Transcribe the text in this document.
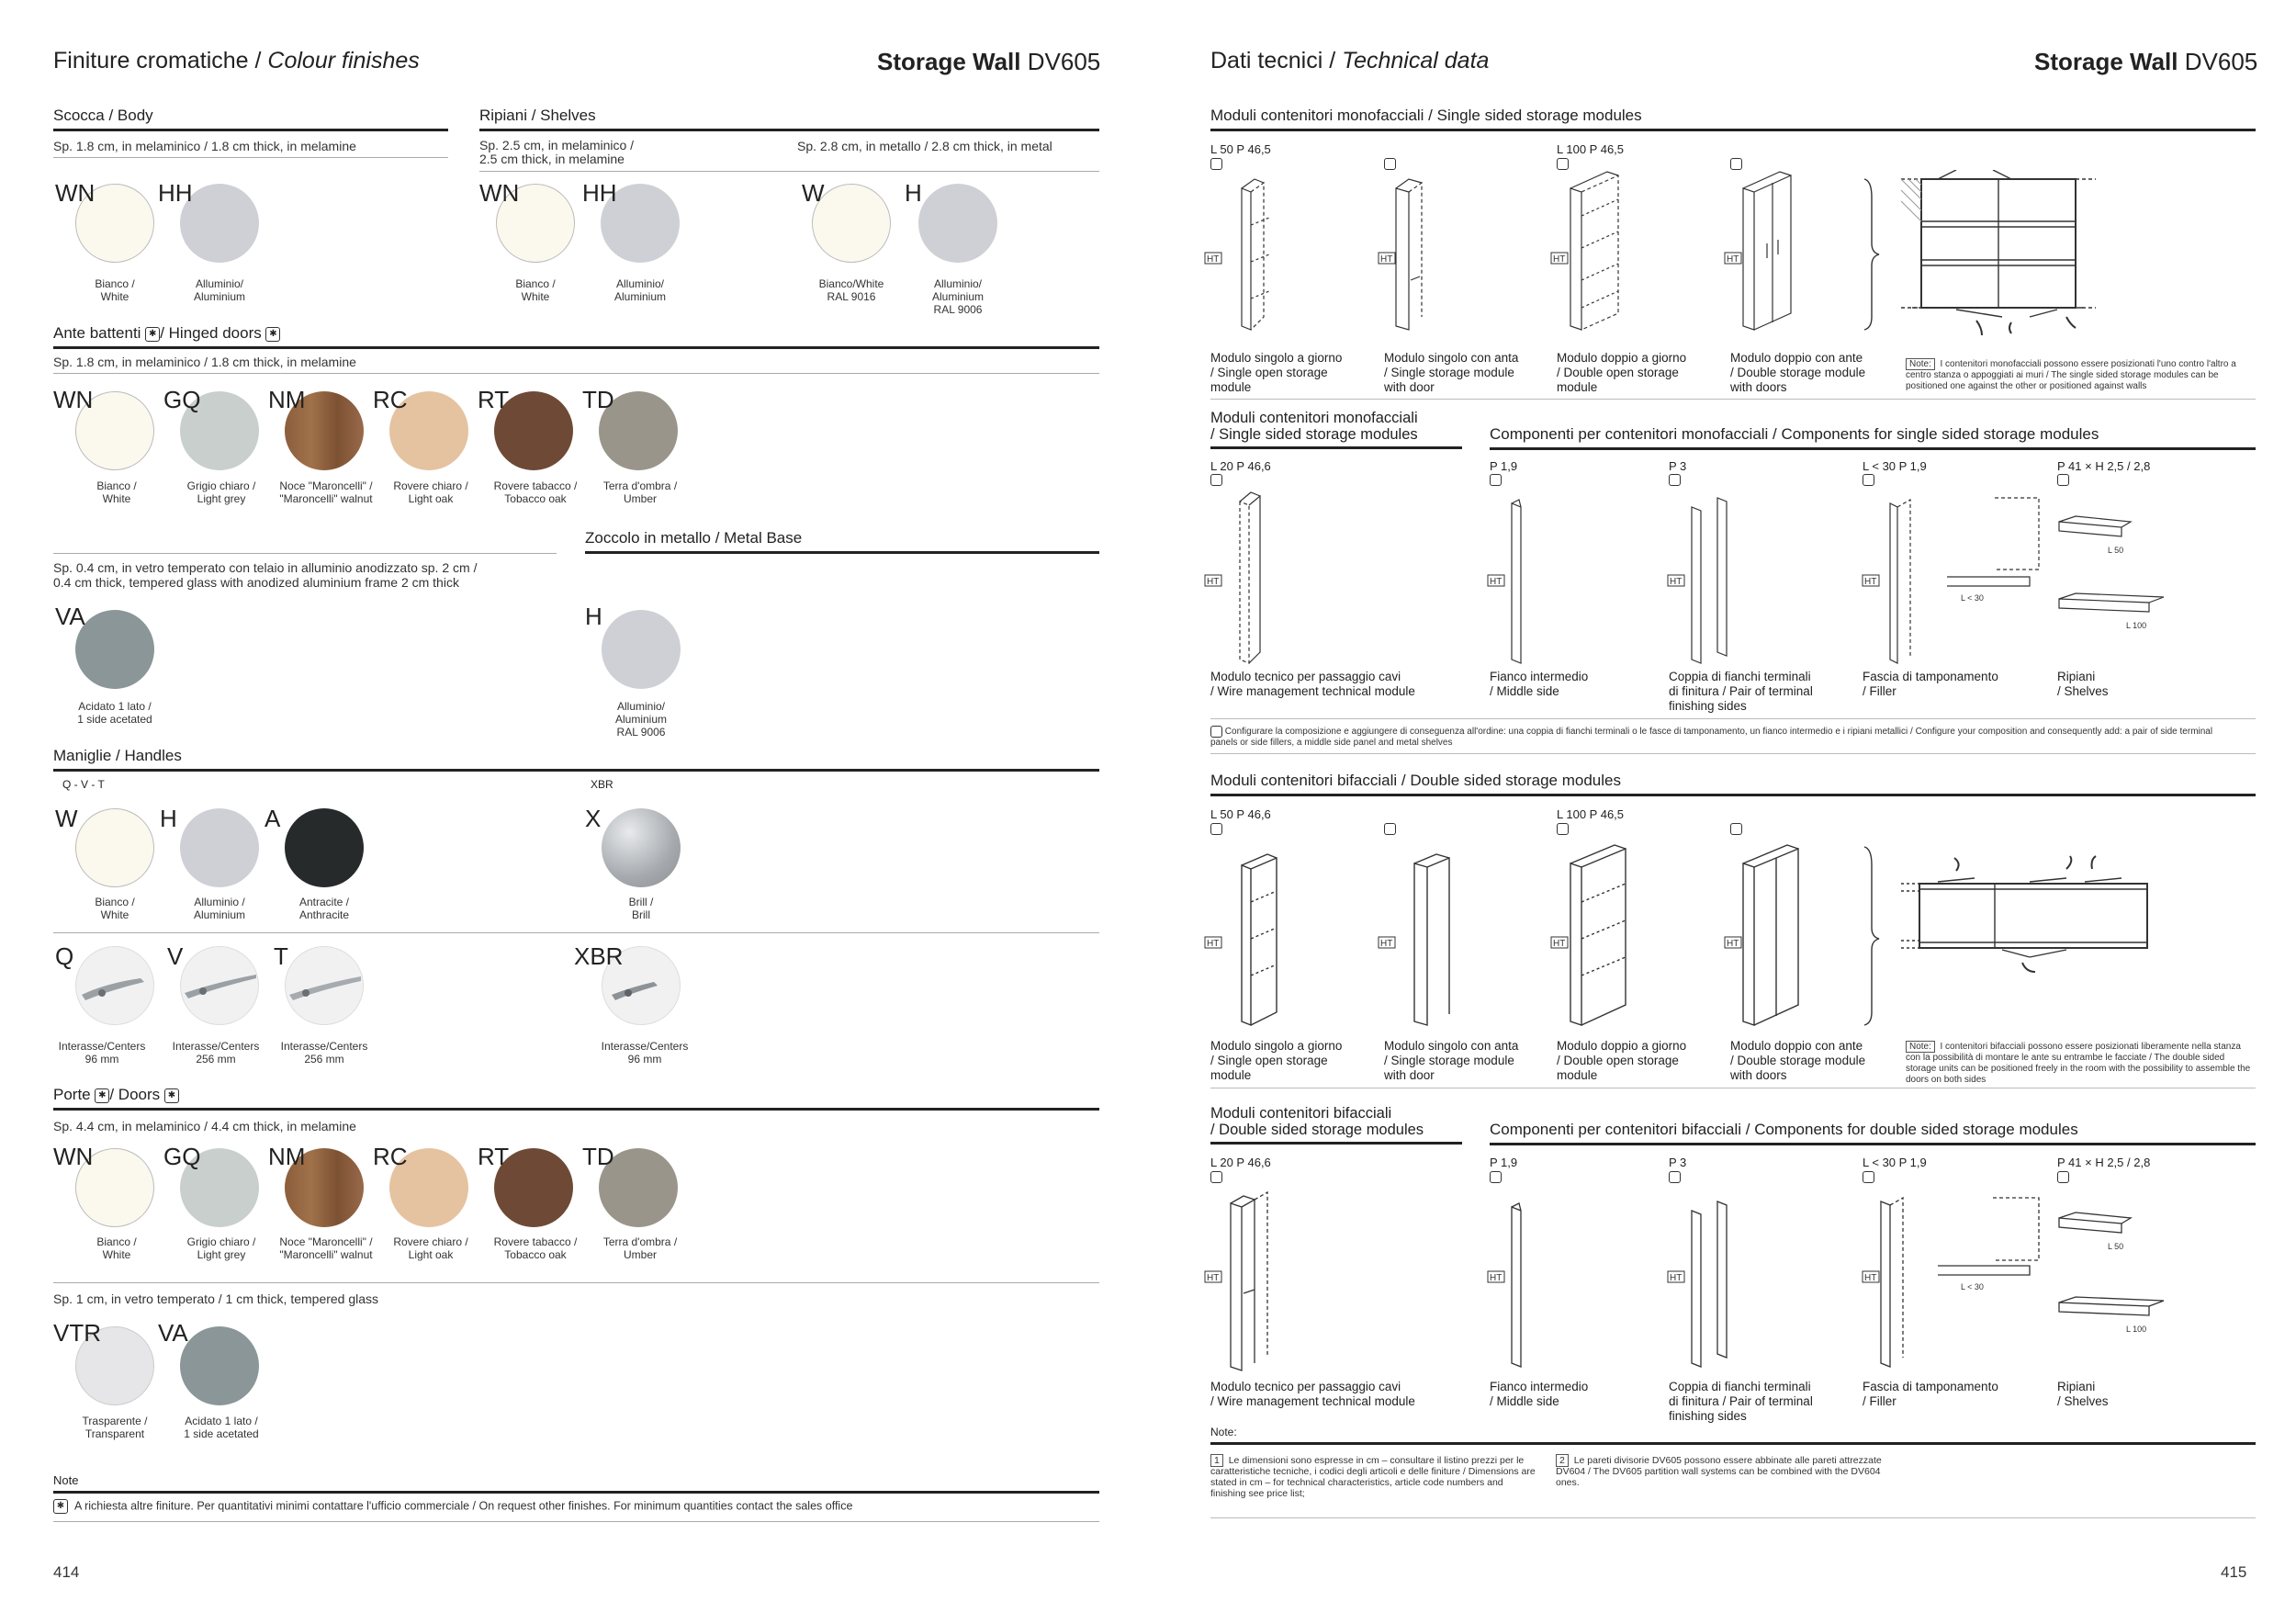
Finiture cromatiche / Colour finishes	Storage Wall DV605
Scocca / Body
Sp. 1.8 cm, in melaminico / 1.8 cm thick, in melamine
WN
Bianco /
White
HH
Alluminio/
Aluminium
Ripiani / Shelves
Sp. 2.5 cm, in melaminico /
2.5 cm thick, in melamine
Sp. 2.8 cm, in metallo / 2.8 cm thick, in metal
WN
Bianco /
White
HH
Alluminio/
Aluminium
W
Bianco/White
RAL 9016
H
Alluminio/
Aluminium
RAL 9006
Ante battenti ✱ / Hinged doors ✱
Sp. 1.8 cm, in melaminico / 1.8 cm thick, in melamine
WN
Bianco /
White
GQ
Grigio chiaro /
Light grey
NM
Noce "Maroncelli" /
"Maroncelli" walnut
RC
Rovere chiaro /
Light oak
RT
Rovere tabacco /
Tobacco oak
TD
Terra d'ombra /
Umber
Zoccolo in metallo / Metal Base
Sp. 0.4 cm, in vetro temperato con telaio in alluminio anodizzato sp. 2 cm /
0.4 cm thick, tempered glass with anodized aluminium frame 2 cm thick
VA
Acidato 1 lato /
1 side acetated
H
Alluminio/
Aluminium
RAL 9006
Maniglie / Handles
Q - V - T	XBR
W
Bianco /
White
H
Alluminio /
Aluminium
A
Antracite /
Anthracite
X
Brill /
Brill
Q
Interasse/Centers
96 mm
V
Interasse/Centers
256 mm
T
Interasse/Centers
256 mm
XBR
Interasse/Centers
96 mm
Porte ✱ / Doors ✱
Sp. 4.4 cm, in melaminico / 4.4 cm thick, in melamine
WN
Bianco /
White
GQ
Grigio chiaro /
Light grey
NM
Noce "Maroncelli" /
"Maroncelli" walnut
RC
Rovere chiaro /
Light oak
RT
Rovere tabacco /
Tobacco oak
TD
Terra d'ombra /
Umber
Sp. 1 cm, in vetro temperato / 1 cm thick, tempered glass
VTR
Trasparente /
Transparent
VA
Acidato 1 lato /
1 side acetated
Note
✱ A richiesta altre finiture. Per quantitativi minimi contattare l'ufficio commerciale / On request other finishes. For minimum quantities contact the sales office
414
Dati tecnici / Technical data	Storage Wall DV605
Moduli contenitori monofacciali / Single sided storage modules
L 50 P 46,5	L 100 P 46,5
HT	HT	HT	HT
Modulo singolo a giorno
/ Single open storage
module
Modulo singolo con anta
/ Single storage module
with door
Modulo doppio a giorno
/ Double open storage
module
Modulo doppio con ante
/ Double storage module
with doors
Note: I contenitori monofacciali possono essere posizionati l'uno contro l'altro a centro stanza o appoggiati ai muri / The single sided storage modules can be positioned one against the other or positioned against walls
Moduli contenitori monofacciali
/ Single sided storage modules	Componenti per contenitori monofacciali / Components for single sided storage modules
L 20 P 46,6	P 1,9	P 3	L < 30 P 1,9	P 41 × H 2,5 / 2,8
HT	HT	HT	HT
L < 30
L 50
L 100
Modulo tecnico per passaggio cavi
/ Wire management technical module
Fianco intermedio
/ Middle side
Coppia di fianchi terminali
di finitura / Pair of terminal
finishing sides
Fascia di tamponamento
/ Filler
Ripiani
/ Shelves
Configurare la composizione e aggiungere di conseguenza all'ordine: una coppia di fianchi terminali o le fasce di tamponamento, un fianco intermedio e i ripiani metallici / Configure your composition and consequently add: a pair of side terminal
panels or side fillers, a middle side panel and metal shelves
Moduli contenitori bifacciali / Double sided storage modules
L 50 P 46,6	L 100 P 46,5
HT	HT	HT	HT
Modulo singolo a giorno
/ Single open storage
module
Modulo singolo con anta
/ Single storage module
with door
Modulo doppio a giorno
/ Double open storage
module
Modulo doppio con ante
/ Double storage module
with doors
Note: I contenitori bifacciali possono essere posizionati liberamente nella stanza con la possibilità di montare le ante su entrambe le facciate / The double sided storage units can be positioned freely in the room with the possibility to assemble the doors on both sides
Moduli contenitori bifacciali
/ Double sided storage modules	Componenti per contenitori bifacciali / Components for double sided storage modules
L 20 P 46,6	P 1,9	P 3	L < 30 P 1,9	P 41 × H 2,5 / 2,8
HT	HT	HT	HT
L < 30
L 50
L 100
Modulo tecnico per passaggio cavi
/ Wire management technical module
Fianco intermedio
/ Middle side
Coppia di fianchi terminali
di finitura / Pair of terminal
finishing sides
Fascia di tamponamento
/ Filler
Ripiani
/ Shelves
Note:
1 Le dimensioni sono espresse in cm – consultare il listino prezzi per le caratteristiche tecniche, i codici degli articoli e delle finiture / Dimensions are stated in cm – for technical characteristics, article code numbers and finishing see price list;
2 Le pareti divisorie DV605 possono essere abbinate alle pareti attrezzate DV604 / The DV605 partition wall systems can be combined with the DV604 ones.
415
